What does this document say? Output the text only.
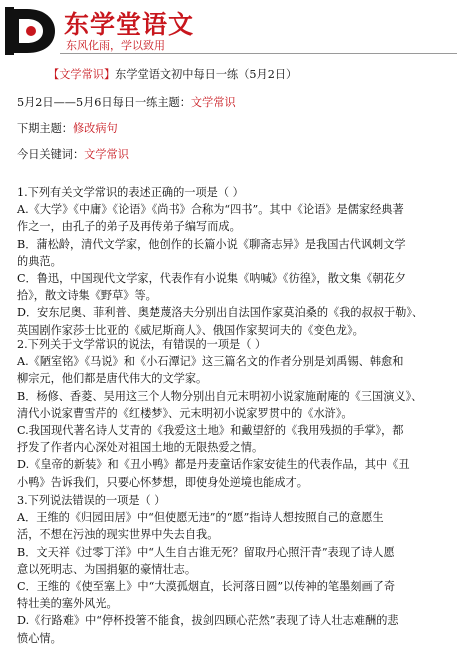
东学堂语文
东风化雨，学以致用
【文学常识】东学堂语文初中每日一练（5月2日）
5月2日——5月6日每日一练主题：文学常识
下期主题：修改病句
今日关键词：文学常识

1.下列有关文学常识的表述正确的一项是（ ）

A.《大学》《中庸》《论语》《尚书》合称为“四书”。其中《论语》是儒家经典著

作之一，由孔子的弟子及再传弟子编写而成。

B．蒲松龄，清代文学家，他创作的长篇小说《聊斋志异》是我国古代讽刺文学

的典范。

C．鲁迅，中国现代文学家，代表作有小说集《呐喊》《彷徨》，散文集《朝花夕

拾》，散文诗集《野草》等。

D．安东尼奥、菲利普、奥楚蔑洛夫分别出自法国作家莫泊桑的《我的叔叔于勒》、

英国剧作家莎士比亚的《威尼斯商人》、俄国作家契诃夫的《变色龙》。

2.下列关于文学常识的说法，有错误的一项是（ ）

A.《陋室铭》《马说》和《小石潭记》这三篇名文的作者分别是刘禹锡、韩愈和

柳宗元，他们都是唐代伟大的文学家。

B．杨修、香菱、吴用这三个人物分别出自元末明初小说家施耐庵的《三国演义》、

清代小说家曹雪芹的《红楼梦》、元末明初小说家罗贯中的《水浒》。

C.我国现代著名诗人艾青的《我爱这土地》和戴望舒的《我用残损的手掌》，都

抒发了作者内心深处对祖国土地的无限热爱之情。

D.《皇帝的新装》和《丑小鸭》都是丹麦童话作家安徒生的代表作品，其中《丑

小鸭》告诉我们，只要心怀梦想，即使身处逆境也能成才。

3.下列说法错误的一项是（ ）

A．王维的《归园田居》中“但使愿无违”的“愿”指诗人想按照自己的意愿生

活，不想在污浊的现实世界中失去自我。

B．文天祥《过零丁洋》中“人生自古谁无死？留取丹心照汗青”表现了诗人愿

意以死明志、为国捐躯的豪情壮志。

C．王维的《使至塞上》中“大漠孤烟直，长河落日圆”以传神的笔墨刻画了奇

特壮美的塞外风光。

D.《行路难》中“停杯投箸不能食，拔剑四顾心茫然”表现了诗人壮志难酬的悲

愤心情。
